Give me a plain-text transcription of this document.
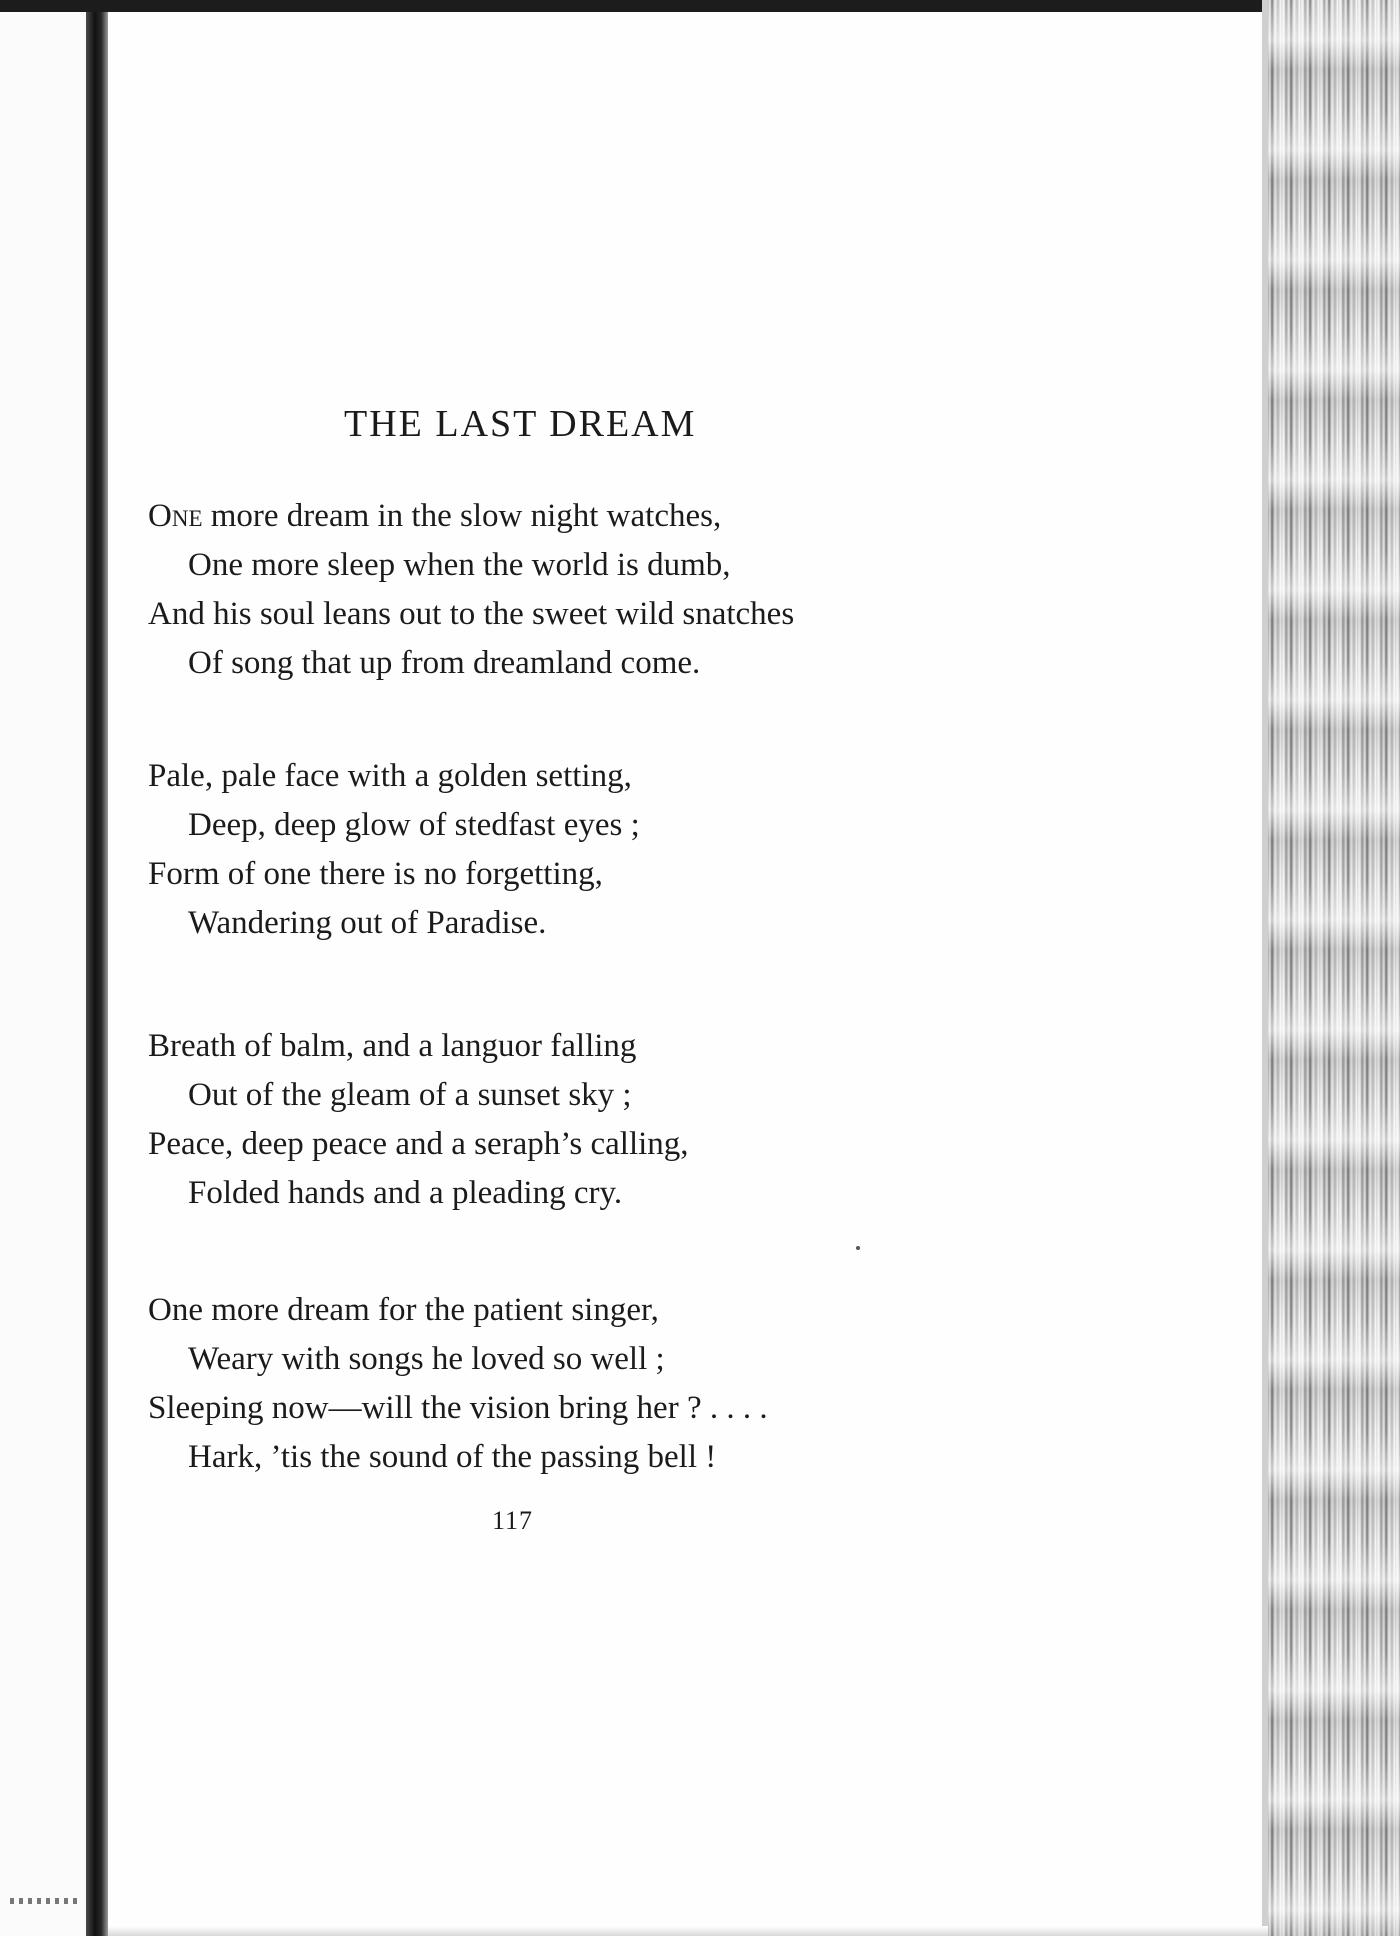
THE LAST DREAM
One more dream in the slow night watches,
One more sleep when the world is dumb,
And his soul leans out to the sweet wild snatches
Of song that up from dreamland come.
Pale, pale face with a golden setting,
Deep, deep glow of stedfast eyes ;
Form of one there is no forgetting,
Wandering out of Paradise.
Breath of balm, and a languor falling
Out of the gleam of a sunset sky ;
Peace, deep peace and a seraph’s calling,
Folded hands and a pleading cry.
One more dream for the patient singer,
Weary with songs he loved so well ;
Sleeping now—will the vision bring her ? . . . .
Hark, ’tis the sound of the passing bell !
117
